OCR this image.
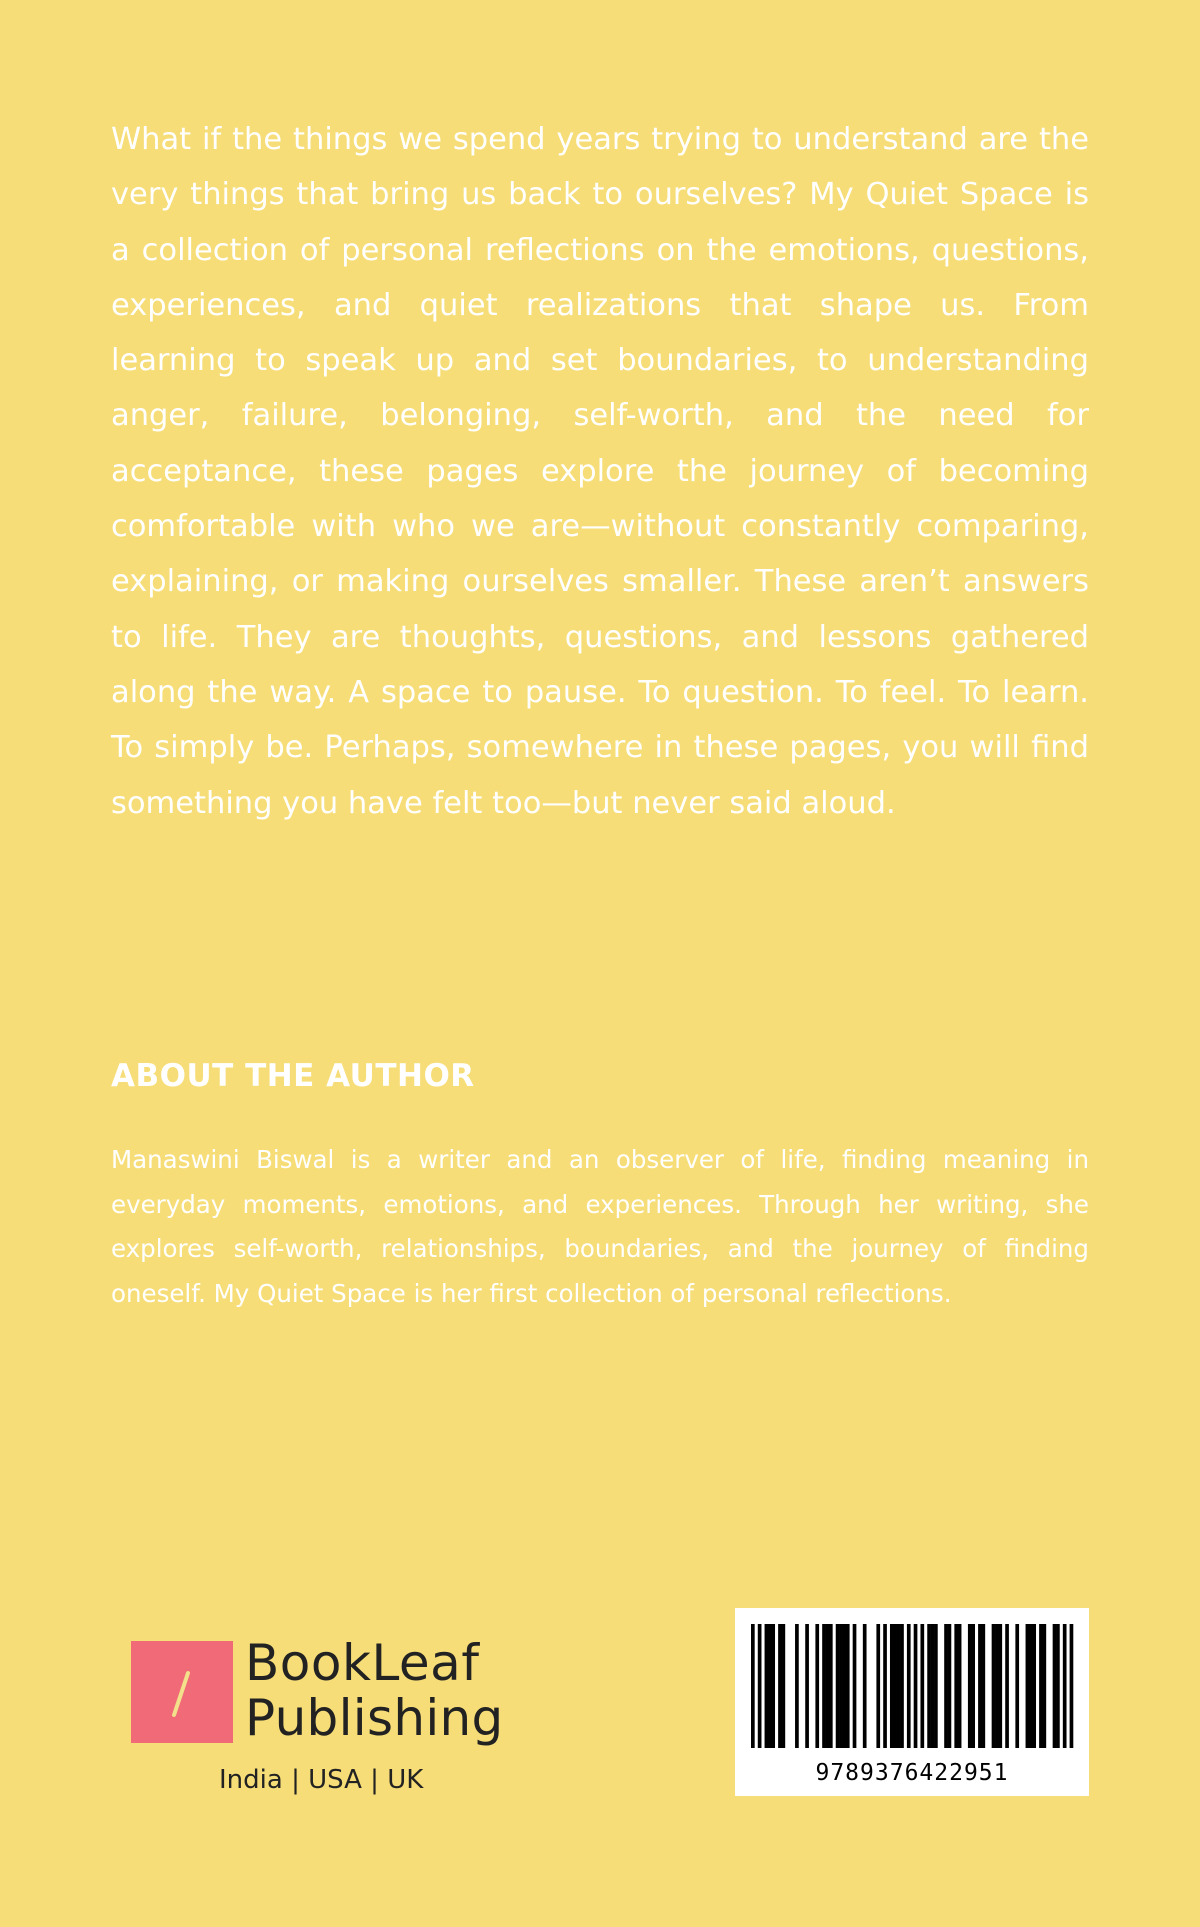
What if the things we spend years trying to understand are the very things that bring us back to ourselves? My Quiet Space is a collection of personal reflections on the emotions, questions, experiences, and quiet realizations that shape us. From learning to speak up and set boundaries, to understanding anger, failure, belonging, self-worth, and the need for acceptance, these pages explore the journey of becoming comfortable with who we are—without constantly comparing, explaining, or making ourselves smaller. These aren’t answers to life. They are thoughts, questions, and lessons gathered along the way. A space to pause. To question. To feel. To learn. To simply be. Perhaps, somewhere in these pages, you will find something you have felt too—but never said aloud.

ABOUT THE AUTHOR

Manaswini Biswal is a writer and an observer of life, finding meaning in everyday moments, emotions, and experiences. Through her writing, she explores self-worth, relationships, boundaries, and the journey of finding oneself. My Quiet Space is her first collection of personal reflections.

BookLeaf

Publishing

India | USA | UK	9789376422951
